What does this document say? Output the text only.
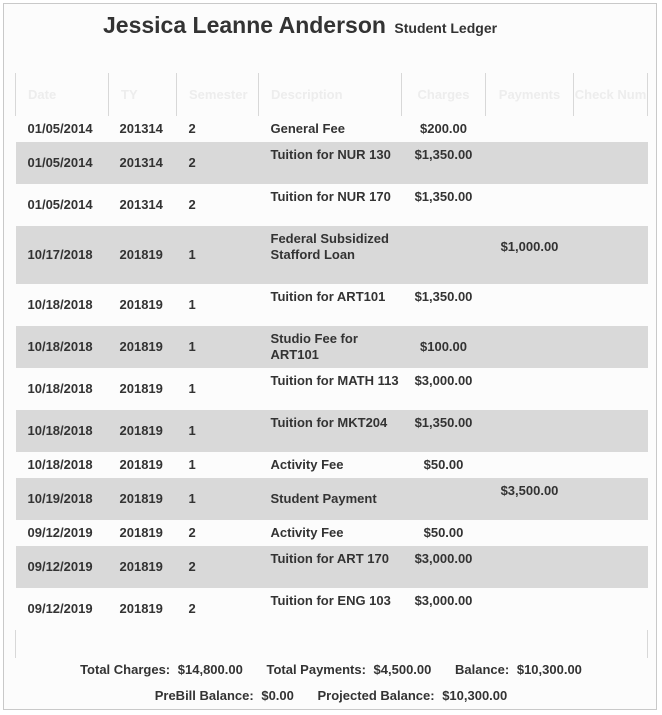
Jessica Leanne Anderson Student Ledger
Date	TY	Semester	Description	Charges	Payments	Check Num
01/05/2014	201314	2	General Fee	$200.00		
01/05/2014	201314	2	Tuition for NUR 130	$1,350.00		
01/05/2014	201314	2	Tuition for NUR 170	$1,350.00		
10/17/2018	201819	1	Federal Subsidized Stafford Loan		$1,000.00	
10/18/2018	201819	1	Tuition for ART101	$1,350.00		
10/18/2018	201819	1	Studio Fee for ART101	$100.00		
10/18/2018	201819	1	Tuition for MATH 113	$3,000.00		
10/18/2018	201819	1	Tuition for MKT204	$1,350.00		
10/18/2018	201819	1	Activity Fee	$50.00		
10/19/2018	201819	1	Student Payment		$3,500.00	
09/12/2019	201819	2	Activity Fee	$50.00		
09/12/2019	201819	2	Tuition for ART 170	$3,000.00		
09/12/2019	201819	2	Tuition for ENG 103	$3,000.00		

Total Charges: $14,800.00 Total Payments: $4,500.00 Balance: $10,300.00
PreBill Balance: $0.00 Projected Balance: $10,300.00
